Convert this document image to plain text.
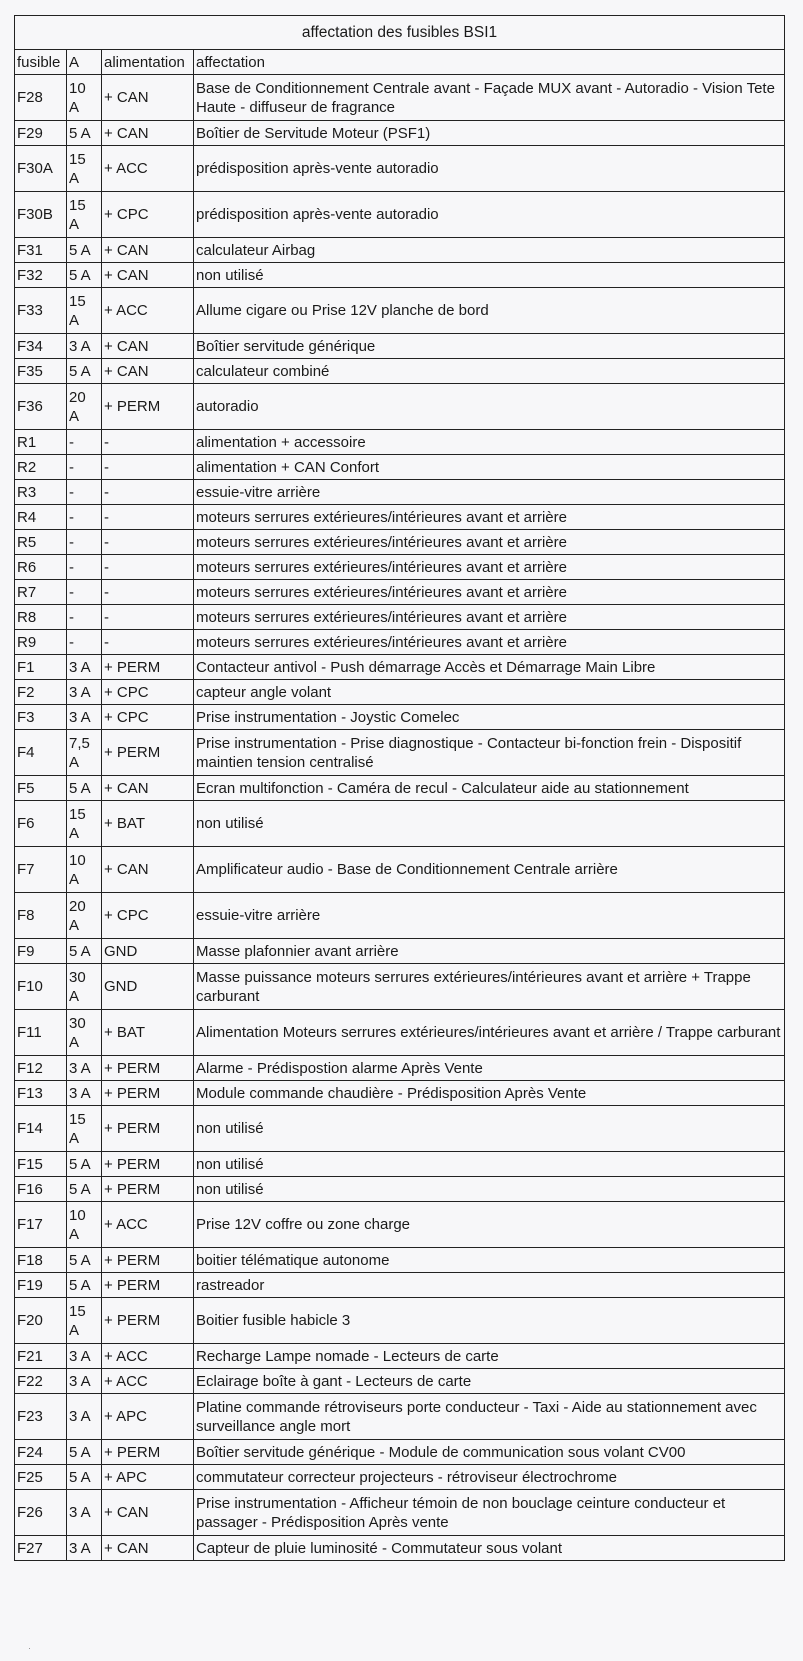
affectation des fusibles BSI1			
fusible	A	alimentation	affectation
F28	10 A	+ CAN	Base de Conditionnement Centrale avant - Façade MUX avant - Autoradio - Vision Tete Haute - diffuseur de fragrance
F29	5 A	+ CAN	Boîtier de Servitude Moteur (PSF1)
F30A	15 A	+ ACC	prédisposition après-vente autoradio
F30B	15 A	+ CPC	prédisposition après-vente autoradio
F31	5 A	+ CAN	calculateur Airbag
F32	5 A	+ CAN	non utilisé
F33	15 A	+ ACC	Allume cigare ou Prise 12V planche de bord
F34	3 A	+ CAN	Boîtier servitude générique
F35	5 A	+ CAN	calculateur combiné
F36	20 A	+ PERM	autoradio
R1	-	-	alimentation + accessoire
R2	-	-	alimentation + CAN Confort
R3	-	-	essuie-vitre arrière
R4	-	-	moteurs serrures extérieures/intérieures avant et arrière
R5	-	-	moteurs serrures extérieures/intérieures avant et arrière
R6	-	-	moteurs serrures extérieures/intérieures avant et arrière
R7	-	-	moteurs serrures extérieures/intérieures avant et arrière
R8	-	-	moteurs serrures extérieures/intérieures avant et arrière
R9	-	-	moteurs serrures extérieures/intérieures avant et arrière
F1	3 A	+ PERM	Contacteur antivol - Push démarrage Accès et Démarrage Main Libre
F2	3 A	+ CPC	capteur angle volant
F3	3 A	+ CPC	Prise instrumentation - Joystic Comelec
F4	7,5 A	+ PERM	Prise instrumentation - Prise diagnostique - Contacteur bi-fonction frein - Dispositif maintien tension centralisé
F5	5 A	+ CAN	Ecran multifonction - Caméra de recul - Calculateur aide au stationnement
F6	15 A	+ BAT	non utilisé
F7	10 A	+ CAN	Amplificateur audio - Base de Conditionnement Centrale arrière
F8	20 A	+ CPC	essuie-vitre arrière
F9	5 A	GND	Masse plafonnier avant arrière
F10	30 A	GND	Masse puissance moteurs serrures extérieures/intérieures avant et arrière + Trappe carburant
F11	30 A	+ BAT	Alimentation Moteurs serrures extérieures/intérieures avant et arrière / Trappe carburant
F12	3 A	+ PERM	Alarme - Prédispostion alarme Après Vente
F13	3 A	+ PERM	Module commande chaudière - Prédisposition Après Vente
F14	15 A	+ PERM	non utilisé
F15	5 A	+ PERM	non utilisé
F16	5 A	+ PERM	non utilisé
F17	10 A	+ ACC	Prise 12V coffre ou zone charge
F18	5 A	+ PERM	boitier télématique autonome
F19	5 A	+ PERM	rastreador
F20	15 A	+ PERM	Boitier fusible habicle 3
F21	3 A	+ ACC	Recharge Lampe nomade - Lecteurs de carte
F22	3 A	+ ACC	Eclairage boîte à gant - Lecteurs de carte
F23	3 A	+ APC	Platine commande rétroviseurs porte conducteur - Taxi - Aide au stationnement avec surveillance angle mort
F24	5 A	+ PERM	Boîtier servitude générique - Module de communication sous volant CV00
F25	5 A	+ APC	commutateur correcteur projecteurs - rétroviseur électrochrome
F26	3 A	+ CAN	Prise instrumentation - Afficheur témoin de non bouclage ceinture conducteur et passager - Prédisposition Après vente
F27	3 A	+ CAN	Capteur de pluie luminosité - Commutateur sous volant
·
